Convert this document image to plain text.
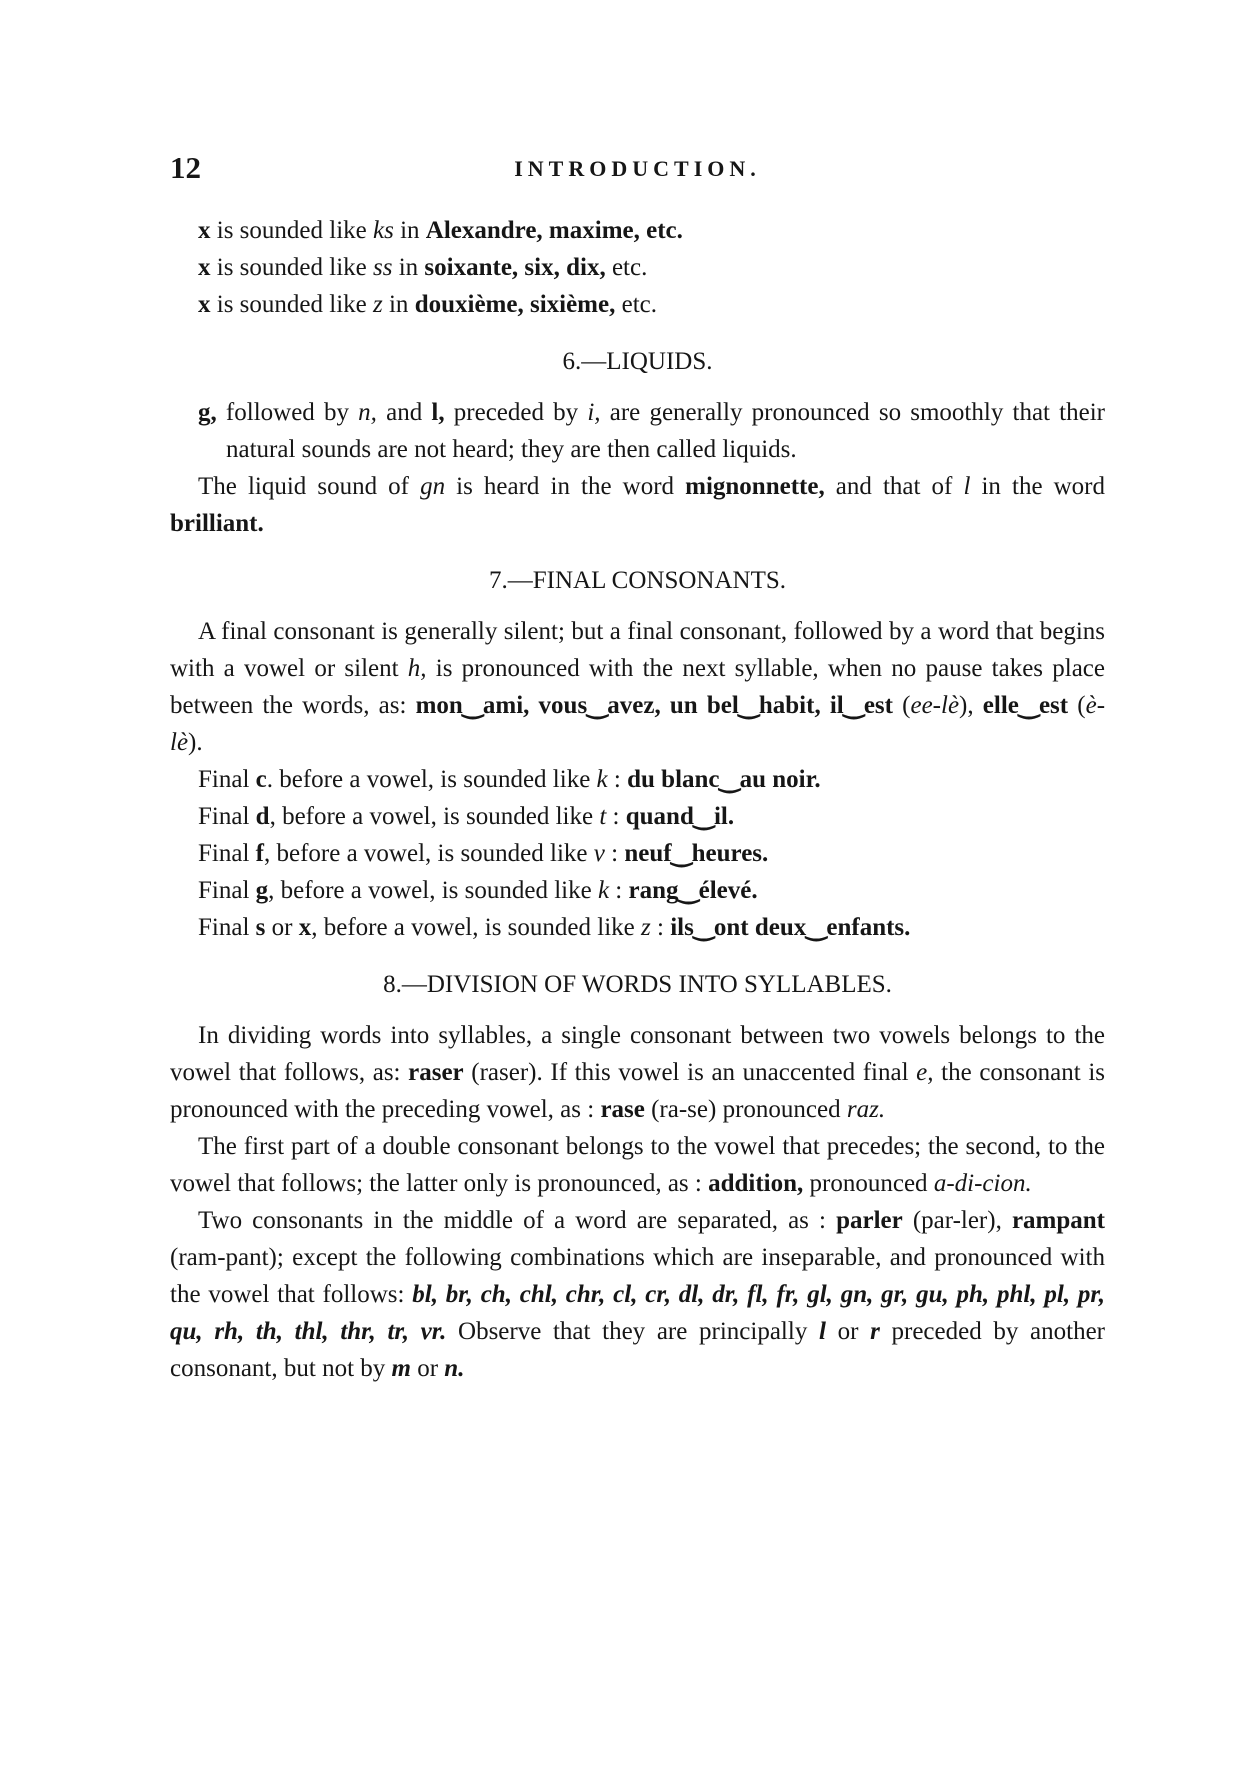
12	INTRODUCTION.
x is sounded like ks in Alexandre, maxime, etc.
x is sounded like ss in soixante, six, dix, etc.
x is sounded like z in douxième, sixième, etc.
6.—LIQUIDS.

g, followed by n, and l, preceded by i, are generally pronounced so smoothly that their natural sounds are not heard; they are then called liquids.

The liquid sound of gn is heard in the word mignonnette, and that of l in the word brilliant.

7.—FINAL CONSONANTS.

A final consonant is generally silent; but a final consonant, followed by a word that begins with a vowel or silent h, is pronounced with the next syllable, when no pause takes place between the words, as: mon‿ami, vous‿avez, un bel‿habit, il‿est (ee-lè), elle‿est (è-lè).

Final c. before a vowel, is sounded like k : du blanc‿au noir.
Final d, before a vowel, is sounded like t : quand‿il.
Final f, before a vowel, is sounded like v : neuf‿heures.
Final g, before a vowel, is sounded like k : rang‿élevé.
Final s or x, before a vowel, is sounded like z : ils‿ont deux‿enfants.
8.—DIVISION OF WORDS INTO SYLLABLES.

In dividing words into syllables, a single consonant between two vowels belongs to the vowel that follows, as: raser (raser). If this vowel is an unaccented final e, the consonant is pronounced with the preceding vowel, as : rase (ra-se) pronounced raz.

The first part of a double consonant belongs to the vowel that precedes; the second, to the vowel that follows; the latter only is pronounced, as : addition, pronounced a-di-cion.

Two consonants in the middle of a word are separated, as : parler (par-ler), rampant (ram-pant); except the following combinations which are inseparable, and pronounced with the vowel that follows: bl, br, ch, chl, chr, cl, cr, dl, dr, fl, fr, gl, gn, gr, gu, ph, phl, pl, pr, qu, rh, th, thl, thr, tr, vr. Observe that they are principally l or r preceded by another consonant, but not by m or n.
